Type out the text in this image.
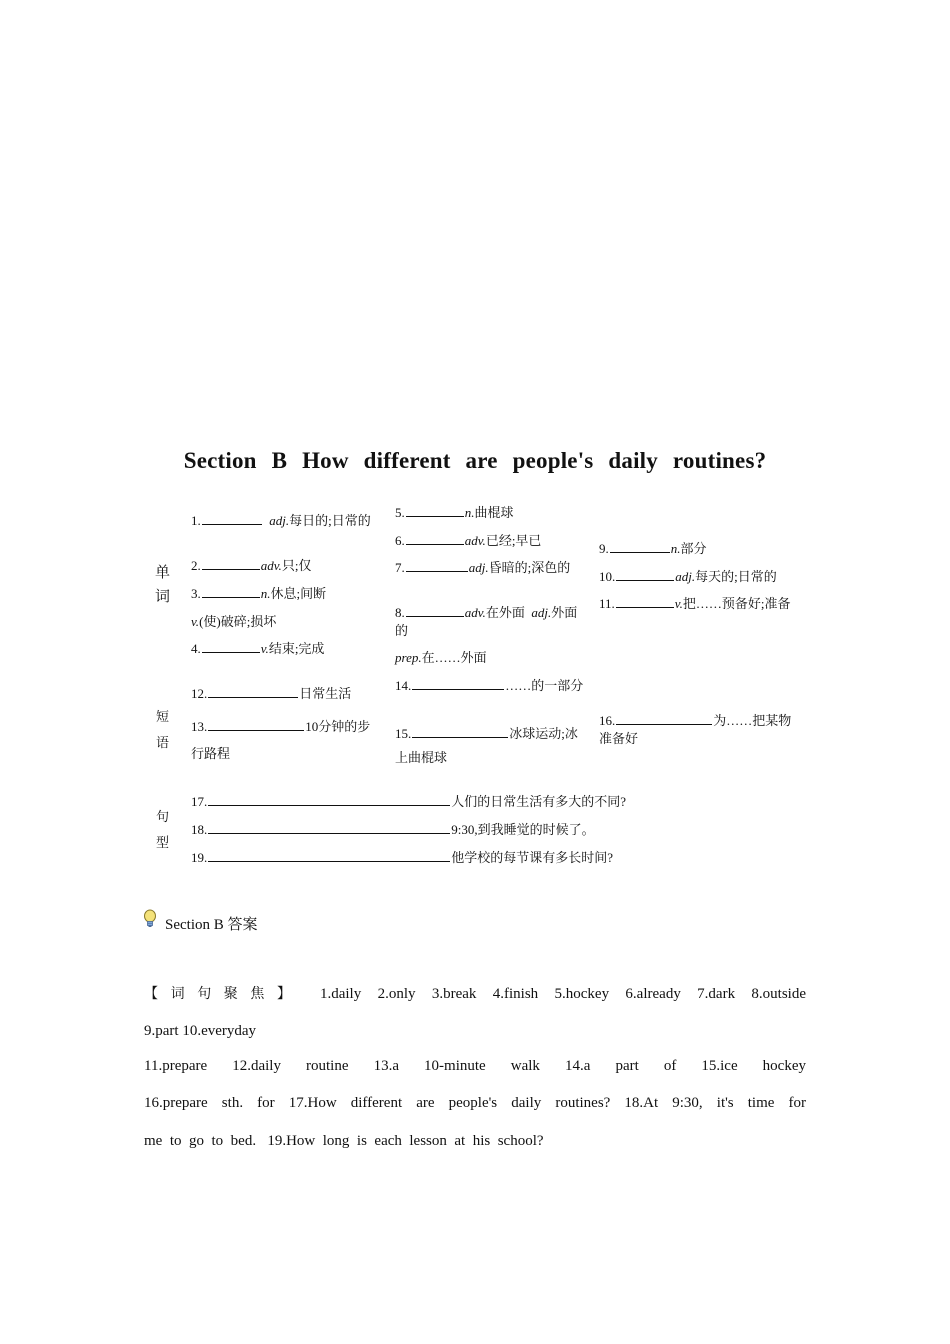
Section B How different are people's daily routines?
单词
短语
句型
1.	adj.每日的;日常的
2.	adv.只;仅
3.	n.休息;间断
v.(使)破碎;损坏
4.	v.结束;完成
5.	n.曲棍球
6.	adv.已经;早已
7.	adj.昏暗的;深色的
8.	adv.在外面 adj.外面的
prep.在……外面
9.	n.部分
10.	adj.每天的;日常的
11.	v.把……预备好;准备
12.	日常生活
13.	10分钟的步行路程
14.	……的一部分
15.	冰球运动;冰上曲棍球
16.	为……把某物准备好
17.	人们的日常生活有多大的不同?
18.	9:30,到我睡觉的时候了。
19.	他学校的每节课有多长时间?
Section B 答案
【词句聚焦】 1.daily 2.only 3.break 4.finish 5.hockey 6.already 7.dark 8.outside
9.part 10.everyday
11.prepare 12.daily routine 13.a 10-minute walk 14.a part of 15.ice hockey
16.prepare sth. for 17.How different are people's daily routines? 18.At 9:30, it's time for
me  to  go  to  bed.   19.How  long  is  each  lesson  at  his  school?
